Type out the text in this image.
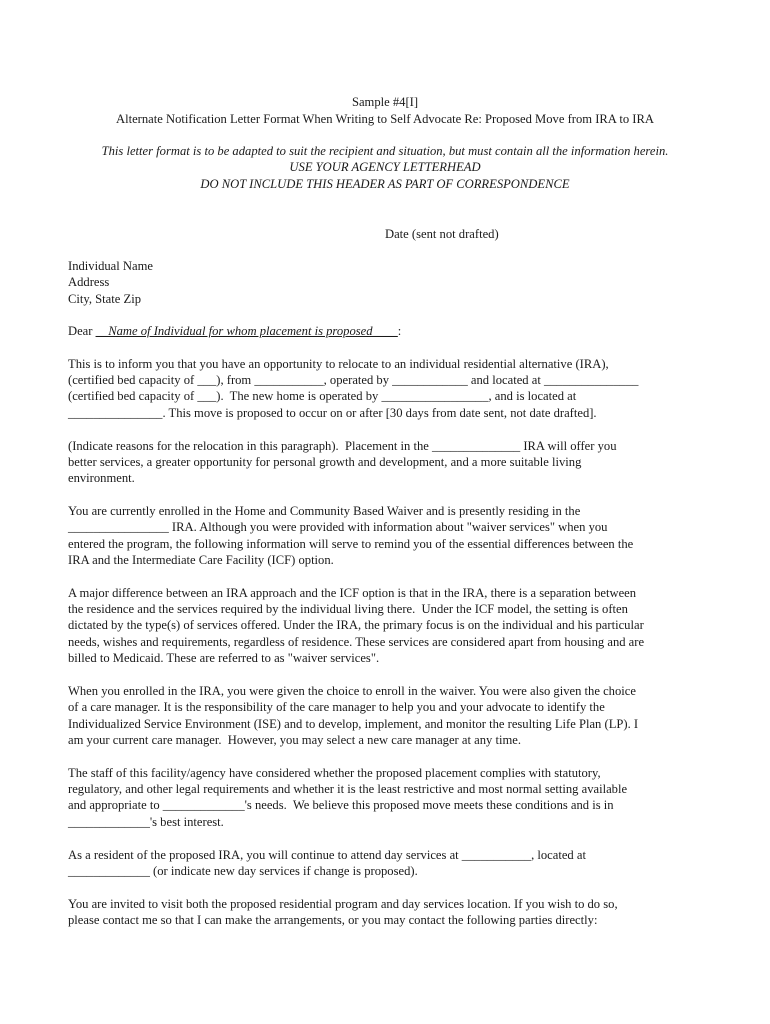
Sample #4[I]

Alternate Notification Letter Format When Writing to Self Advocate Re: Proposed Move from IRA to IRA

This letter format is to be adapted to suit the recipient and situation, but must contain all the information herein.

USE YOUR AGENCY LETTERHEAD

DO NOT INCLUDE THIS HEADER AS PART OF CORRESPONDENCE

Date (sent not drafted)

Individual Name

Address

City, State Zip

Dear __Name of Individual for whom placement is proposed____:

This is to inform you that you have an opportunity to relocate to an individual residential alternative (IRA),

(certified bed capacity of ___), from ___________, operated by ____________ and located at _______________

(certified bed capacity of ___).  The new home is operated by _________________, and is located at

_______________. This move is proposed to occur on or after [30 days from date sent, not date drafted].

(Indicate reasons for the relocation in this paragraph).  Placement in the ______________ IRA will offer you

better services, a greater opportunity for personal growth and development, and a more suitable living

environment.

You are currently enrolled in the Home and Community Based Waiver and is presently residing in the

________________ IRA. Although you were provided with information about "waiver services" when you

entered the program, the following information will serve to remind you of the essential differences between the

IRA and the Intermediate Care Facility (ICF) option.

A major difference between an IRA approach and the ICF option is that in the IRA, there is a separation between

the residence and the services required by the individual living there.  Under the ICF model, the setting is often

dictated by the type(s) of services offered. Under the IRA, the primary focus is on the individual and his particular

needs, wishes and requirements, regardless of residence. These services are considered apart from housing and are

billed to Medicaid. These are referred to as "waiver services".

When you enrolled in the IRA, you were given the choice to enroll in the waiver. You were also given the choice

of a care manager. It is the responsibility of the care manager to help you and your advocate to identify the

Individualized Service Environment (ISE) and to develop, implement, and monitor the resulting Life Plan (LP). I

am your current care manager.  However, you may select a new care manager at any time.

The staff of this facility/agency have considered whether the proposed placement complies with statutory,

regulatory, and other legal requirements and whether it is the least restrictive and most normal setting available

and appropriate to _____________'s needs.  We believe this proposed move meets these conditions and is in

_____________'s best interest.

As a resident of the proposed IRA, you will continue to attend day services at ___________, located at

_____________ (or indicate new day services if change is proposed).

You are invited to visit both the proposed residential program and day services location. If you wish to do so,

please contact me so that I can make the arrangements, or you may contact the following parties directly:
